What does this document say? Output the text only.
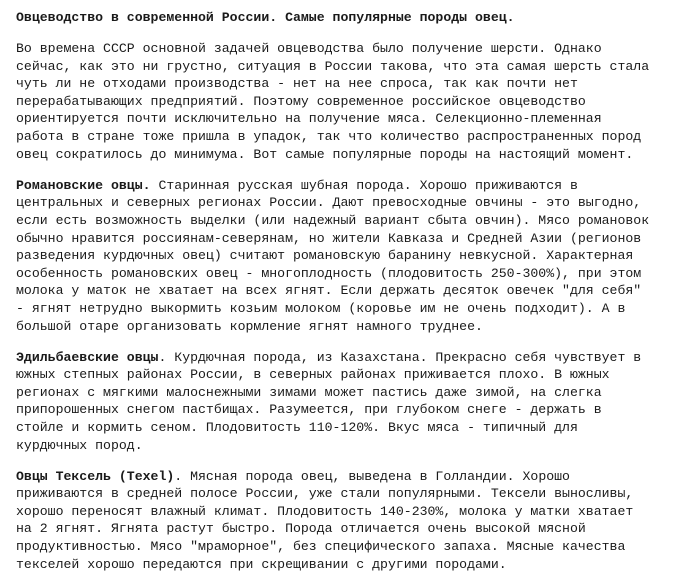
Овцеводство в современной России. Самые популярные породы овец.

Во времена СССР основной задачей овцеводства было получение шерсти. Однако
сейчас, как это ни грустно, ситуация в России такова, что эта самая шерсть стала
чуть ли не отходами производства - нет на нее спроса, так как почти нет
перерабатывающих предприятий. Поэтому современное российское овцеводство
ориентируется почти исключительно на получение мяса. Селекционно-племенная
работа в стране тоже пришла в упадок, так что количество распространенных пород
овец сократилось до минимума. Вот самые популярные породы на настоящий момент.

Романовские овцы. Старинная русская шубная порода. Хорошо приживаются в
центральных и северных регионах России. Дают превосходные овчины - это выгодно,
если есть возможность выделки (или надежный вариант сбыта овчин). Мясо романовок
обычно нравится россиянам-северянам, но жители Кавказа и Средней Азии (регионов
разведения курдючных овец) считают романовскую баранину невкусной. Характерная
особенность романовских овец - многоплодность (плодовитость 250-300%), при этом
молока у маток не хватает на всех ягнят. Если держать десяток овечек "для себя"
- ягнят нетрудно выкормить козьим молоком (коровье им не очень подходит). А в
большой отаре организовать кормление ягнят намного труднее.

Эдильбаевские овцы. Курдючная порода, из Казахстана. Прекрасно себя чувствует в
южных степных районах России, в северных районах приживается плохо. В южных
регионах с мягкими малоснежными зимами может пастись даже зимой, на слегка
припорошенных снегом пастбищах. Разумеется, при глубоком снеге - держать в
стойле и кормить сеном. Плодовитость 110-120%. Вкус мяса - типичный для
курдючных пород.

Овцы Тексель (Texel). Мясная порода овец, выведена в Голландии. Хорошо
приживаются в средней полосе России, уже стали популярными. Тексели выносливы,
хорошо переносят влажный климат. Плодовитость 140-230%, молока у матки хватает
на 2 ягнят. Ягнята растут быстро. Порода отличается очень высокой мясной
продуктивностью. Мясо "мраморное", без специфического запаха. Мясные качества
текселей хорошо передаются при скрещивании с другими породами.
